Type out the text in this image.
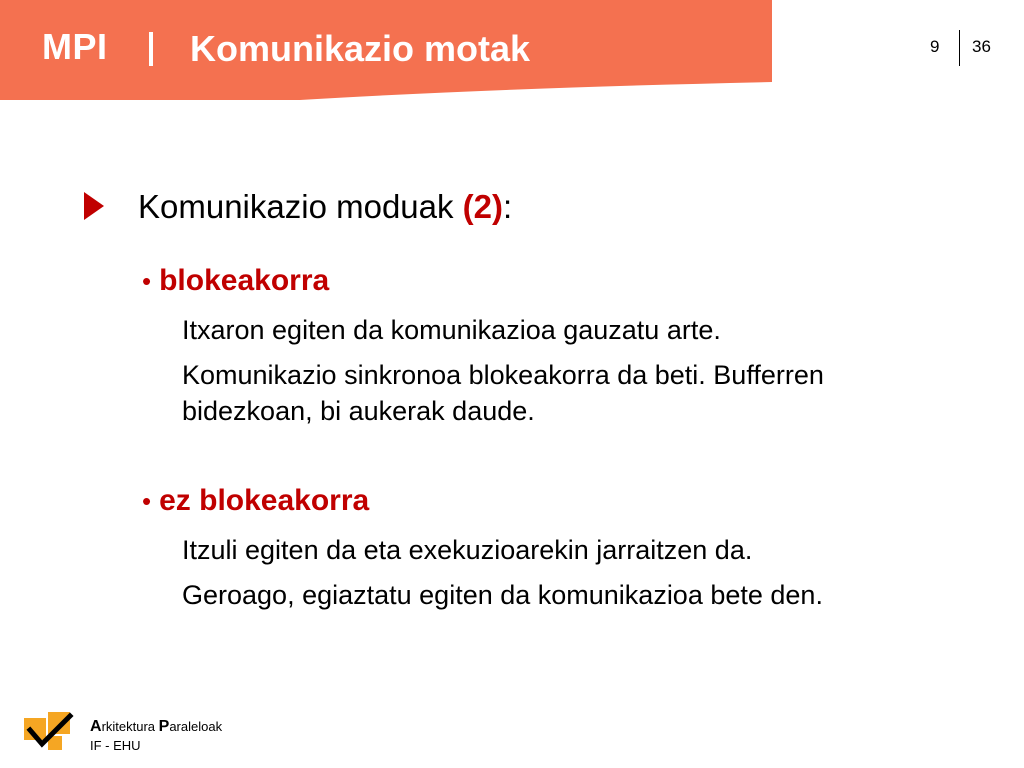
MPI Komunikazio motak	9 36
Komunikazio moduak (2):
• blokeakorra
Itxaron egiten da komunikazioa gauzatu arte.
Komunikazio sinkronoa blokeakorra da beti. Bufferren bidezkoan, bi aukerak daude.
• ez blokeakorra
Itzuli egiten da eta exekuzioarekin jarraitzen da.
Geroago, egiaztatu egiten da komunikazioa bete den.
Arkitektura Paraleloak
IF - EHU
